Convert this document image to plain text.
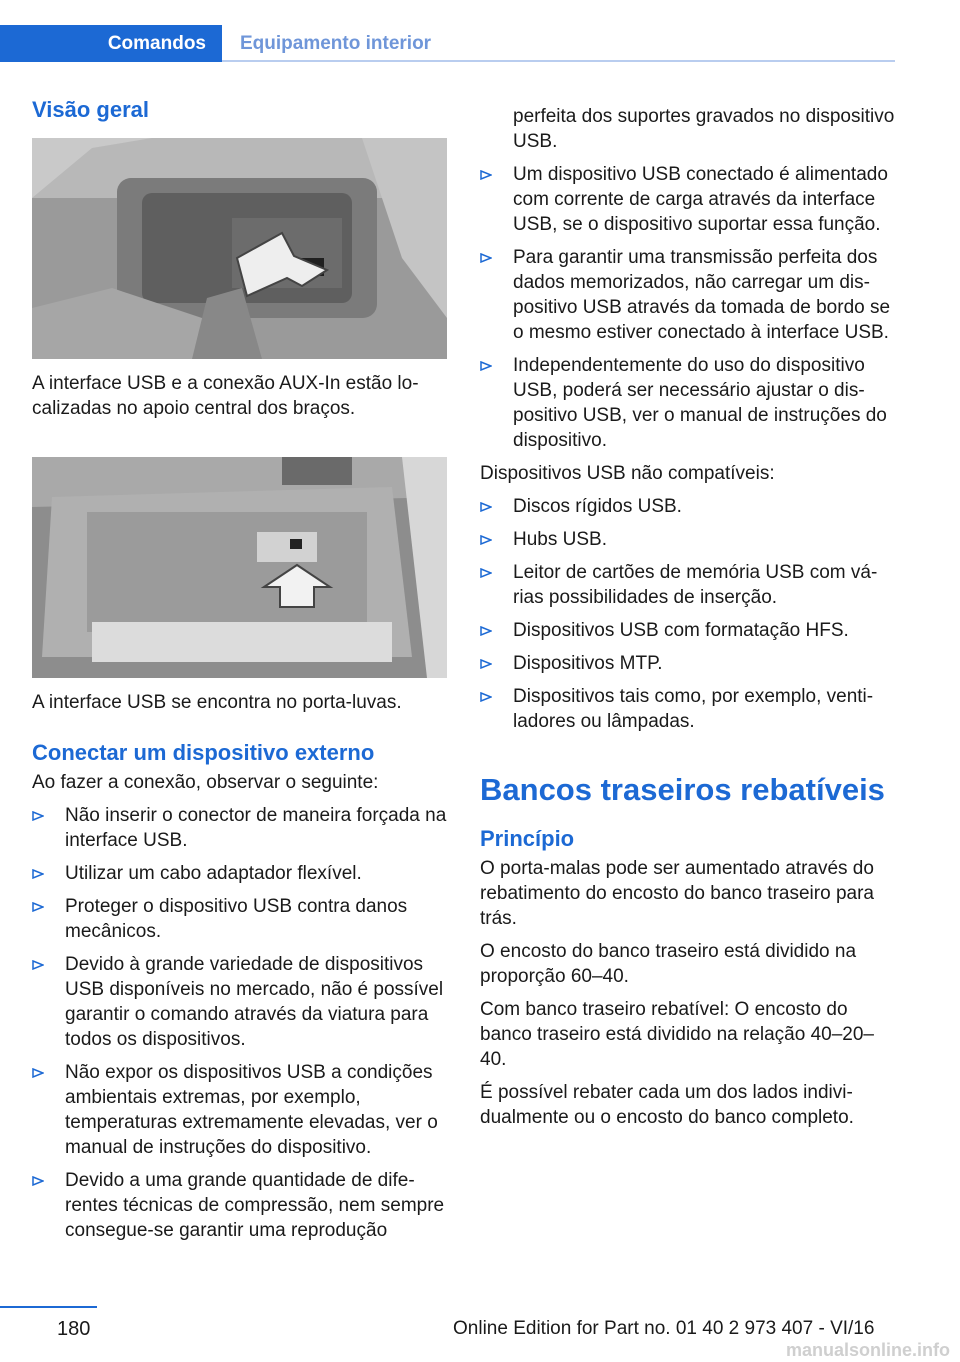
Comandos	Equipamento interior
Visão geral

A interface USB e a conexão AUX-In estão localizadas no apoio central dos braços.

A interface USB se encontra no porta-luvas.

Conectar um dispositivo externo

Ao fazer a conexão, observar o seguinte:

Não inserir o conector de maneira forçada na interface USB.
Utilizar um cabo adaptador flexível.
Proteger o dispositivo USB contra danos mecânicos.
Devido à grande variedade de dispositivos USB disponíveis no mercado, não é possível garantir o comando através da viatura para todos os dispositivos.
Não expor os dispositivos USB a condições ambientais extremas, por exemplo, temperaturas extremamente elevadas, ver o manual de instruções do dispositivo.
Devido a uma grande quantidade de diferentes técnicas de compressão, nem sempre consegue-se garantir uma reprodução

perfeita dos suportes gravados no dispositivo USB.

Um dispositivo USB conectado é alimentado com corrente de carga através da interface USB, se o dispositivo suportar essa função.
Para garantir uma transmissão perfeita dos dados memorizados, não carregar um dispositivo USB através da tomada de bordo se o mesmo estiver conectado à interface USB.
Independentemente do uso do dispositivo USB, poderá ser necessário ajustar o dispositivo USB, ver o manual de instruções do dispositivo.

Dispositivos USB não compatíveis:

Discos rígidos USB.
Hubs USB.
Leitor de cartões de memória USB com várias possibilidades de inserção.
Dispositivos USB com formatação HFS.
Dispositivos MTP.
Dispositivos tais como, por exemplo, ventiladores ou lâmpadas.
Bancos traseiros rebatíveis
Princípio

O porta-malas pode ser aumentado através do rebatimento do encosto do banco traseiro para trás.

O encosto do banco traseiro está dividido na proporção 60–40.

Com banco traseiro rebatível: O encosto do banco traseiro está dividido na relação 40–20–40.

É possível rebater cada um dos lados individualmente ou o encosto do banco completo.

180	Online Edition for Part no. 01 40 2 973 407 - VI/16
manualsonline.info
